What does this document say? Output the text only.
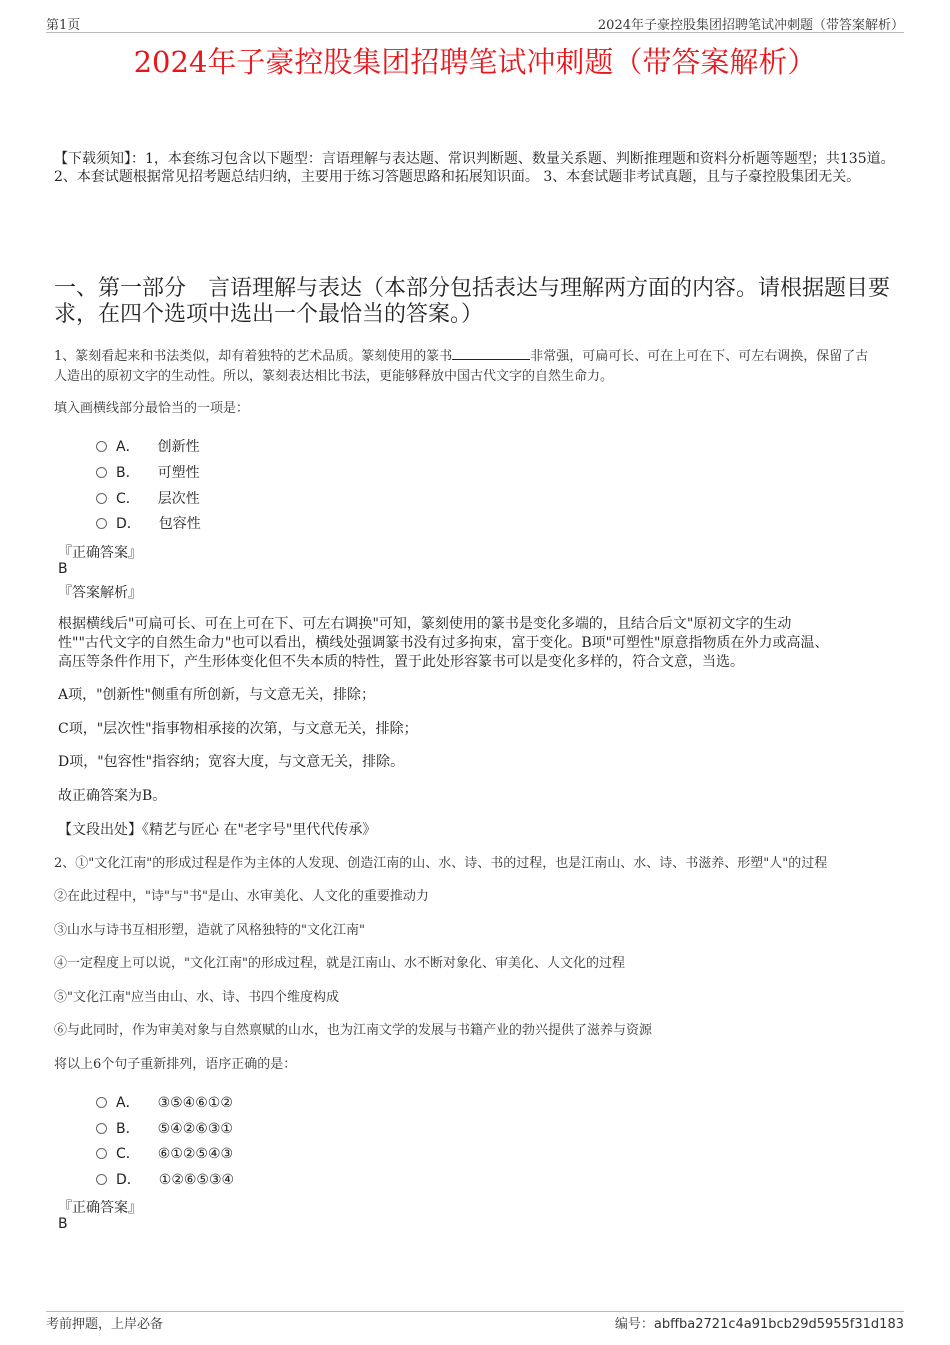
第1页	2024年子豪控股集团招聘笔试冲刺题（带答案解析）
2024年子豪控股集团招聘笔试冲刺题（带答案解析）
【下载须知】：1，本套练习包含以下题型：言语理解与表达题、常识判断题、数量关系题、判断推理题和资料分析题等题型；共135道。 2、本套试题根据常见招考题总结归纳，主要用于练习答题思路和拓展知识面。 3、本套试题非考试真题，且与子豪控股集团无关。
一、第一部分　言语理解与表达（本部分包括表达与理解两方面的内容。请根据题目要求，在四个选项中选出一个最恰当的答案。）
1、篆刻看起来和书法类似，却有着独特的艺术品质。篆刻使用的篆书	非常强，可扁可长、可在上可在下、可左右调换，保留了古
人造出的原初文字的生动性。所以，篆刻表达相比书法，更能够释放中国古代文字的自然生命力。
填入画横线部分最恰当的一项是：
A． 创新性
B． 可塑性
C． 层次性
D． 包容性
『正确答案』
B
『答案解析』
根据横线后"可扁可长、可在上可在下、可左右调换"可知，篆刻使用的篆书是变化多端的，且结合后文"原初文字的生动
性""古代文字的自然生命力"也可以看出，横线处强调篆书没有过多拘束，富于变化。B项"可塑性"原意指物质在外力或高温、
高压等条件作用下，产生形体变化但不失本质的特性，置于此处形容篆书可以是变化多样的，符合文意，当选。
A项，"创新性"侧重有所创新，与文意无关，排除；
C项，"层次性"指事物相承接的次第，与文意无关，排除；
D项，"包容性"指容纳；宽容大度，与文意无关，排除。
故正确答案为B。
【文段出处】《精艺与匠心 在"老字号"里代代传承》
2、①"文化江南"的形成过程是作为主体的人发现、创造江南的山、水、诗、书的过程，也是江南山、水、诗、书滋养、形塑"人"的过程
②在此过程中，"诗"与"书"是山、水审美化、人文化的重要推动力
③山水与诗书互相形塑，造就了风格独特的"文化江南"
④一定程度上可以说，"文化江南"的形成过程，就是江南山、水不断对象化、审美化、人文化的过程
⑤"文化江南"应当由山、水、诗、书四个维度构成
⑥与此同时，作为审美对象与自然禀赋的山水，也为江南文学的发展与书籍产业的勃兴提供了滋养与资源
将以上6个句子重新排列，语序正确的是：
A． ③⑤④⑥①②
B． ⑤④②⑥③①
C． ⑥①②⑤④③
D． ①②⑥⑤③④
『正确答案』
B
考前押题，上岸必备	编号：abffba2721c4a91bcb29d5955f31d183
